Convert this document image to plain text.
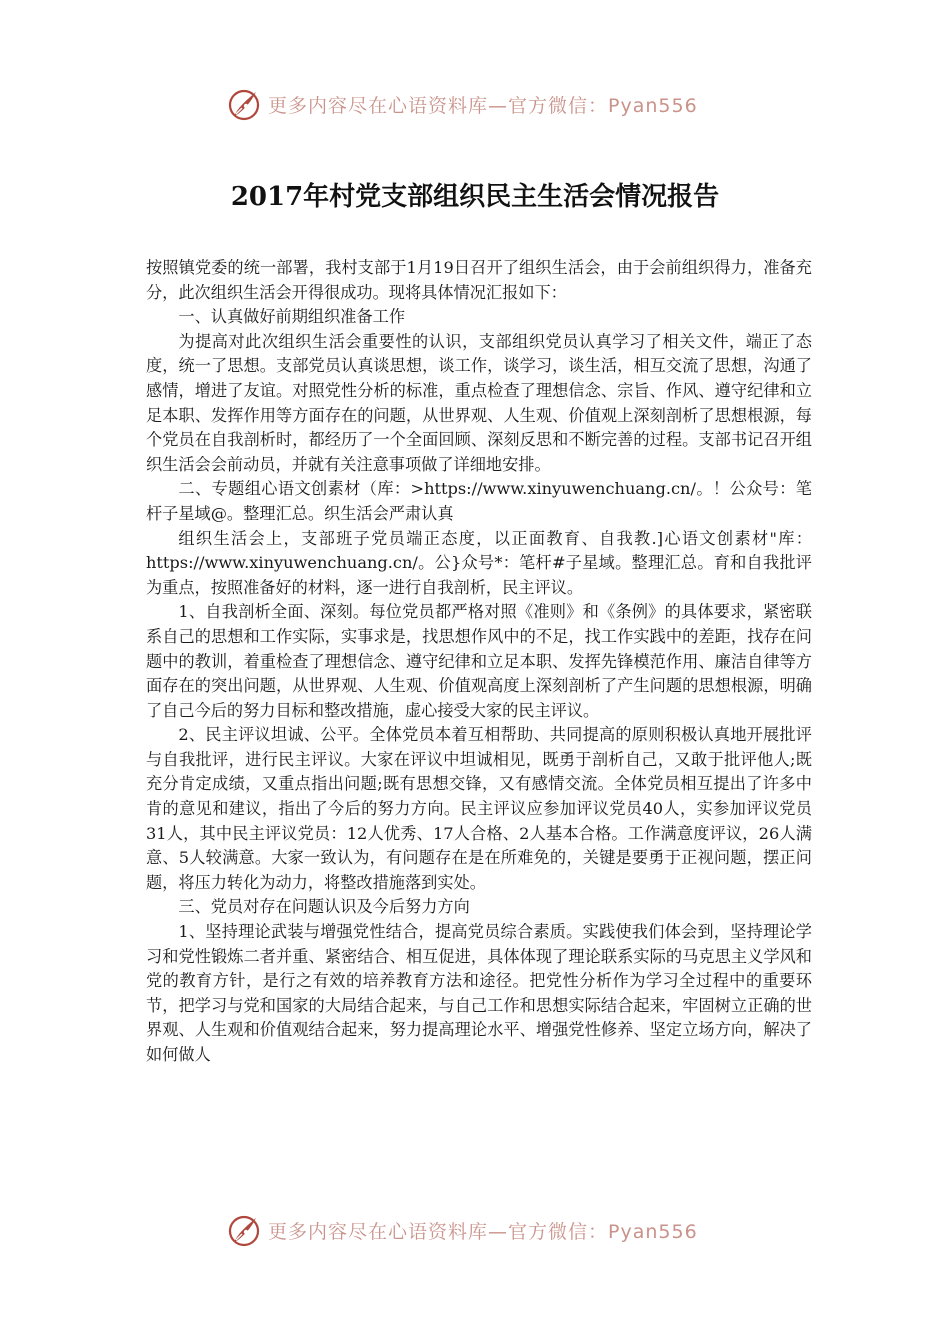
更多内容尽在心语资料库—官方微信：Pyan556
2017年村党支部组织民主生活会情况报告

按照镇党委的统一部署，我村支部于1月19日召开了组织生活会，由于会前组织得力，准备充分，此次组织生活会开得很成功。现将具体情况汇报如下：

一、认真做好前期组织准备工作

为提高对此次组织生活会重要性的认识，支部组织党员认真学习了相关文件，端正了态度，统一了思想。支部党员认真谈思想，谈工作，谈学习，谈生活，相互交流了思想，沟通了感情，增进了友谊。对照党性分析的标准，重点检查了理想信念、宗旨、作风、遵守纪律和立足本职、发挥作用等方面存在的问题，从世界观、人生观、价值观上深刻剖析了思想根源，每个党员在自我剖析时，都经历了一个全面回顾、深刻反思和不断完善的过程。支部书记召开组织生活会会前动员，并就有关注意事项做了详细地安排。

二、专题组心语文创素材（库：>https://www.xinyuwenchuang.cn/。！公众号：笔杆子星域@。整理汇总。织生活会严肃认真

组织生活会上，支部班子党员端正态度，以正面教育、自我教.]心语文创素材"库：https://www.xinyuwenchuang.cn/。公}众号*：笔杆#子星域。整理汇总。育和自我批评为重点，按照准备好的材料，逐一进行自我剖析，民主评议。

1、自我剖析全面、深刻。每位党员都严格对照《准则》和《条例》的具体要求，紧密联系自己的思想和工作实际，实事求是，找思想作风中的不足，找工作实践中的差距，找存在问题中的教训，着重检查了理想信念、遵守纪律和立足本职、发挥先锋模范作用、廉洁自律等方面存在的突出问题，从世界观、人生观、价值观高度上深刻剖析了产生问题的思想根源，明确了自己今后的努力目标和整改措施，虚心接受大家的民主评议。

2、民主评议坦诚、公平。全体党员本着互相帮助、共同提高的原则积极认真地开展批评与自我批评，进行民主评议。大家在评议中坦诚相见，既勇于剖析自己，又敢于批评他人;既充分肯定成绩，又重点指出问题;既有思想交锋，又有感情交流。全体党员相互提出了许多中肯的意见和建议，指出了今后的努力方向。民主评议应参加评议党员40人，实参加评议党员31人，其中民主评议党员：12人优秀、17人合格、2人基本合格。工作满意度评议，26人满意、5人较满意。大家一致认为，有问题存在是在所难免的，关键是要勇于正视问题，摆正问题，将压力转化为动力，将整改措施落到实处。

三、党员对存在问题认识及今后努力方向

1、坚持理论武装与增强党性结合，提高党员综合素质。实践使我们体会到，坚持理论学习和党性锻炼二者并重、紧密结合、相互促进，具体体现了理论联系实际的马克思主义学风和党的教育方针，是行之有效的培养教育方法和途径。把党性分析作为学习全过程中的重要环节，把学习与党和国家的大局结合起来，与自己工作和思想实际结合起来，牢固树立正确的世界观、人生观和价值观结合起来，努力提高理论水平、增强党性修养、坚定立场方向，解决了如何做人

更多内容尽在心语资料库—官方微信：Pyan556
